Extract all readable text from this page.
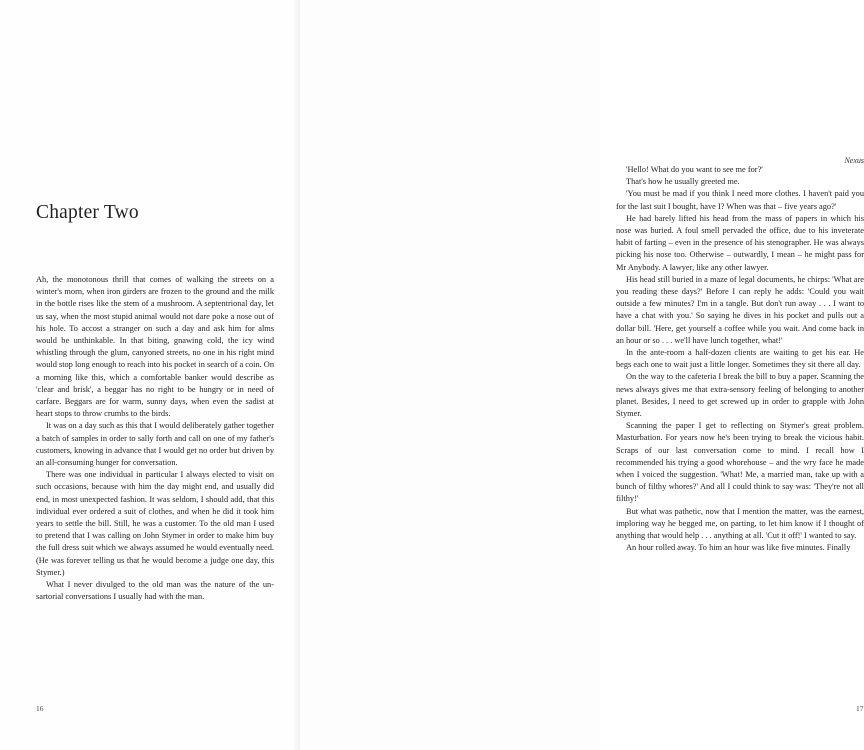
Chapter Two

Ah, the monotonous thrill that comes of walking the streets on a winter's morn, when iron girders are frozen to the ground and the milk in the bottle rises like the stem of a mushroom. A septentrional day, let us say, when the most stupid animal would not dare poke a nose out of his hole. To accost a stranger on such a day and ask him for alms would be unthinkable. In that biting, gnawing cold, the icy wind whistling through the glum, canyoned streets, no one in his right mind would stop long enough to reach into his pocket in search of a coin. On a morning like this, which a comfortable banker would describe as 'clear and brisk', a beggar has no right to be hungry or in need of carfare. Beggars are for warm, sunny days, when even the sadist at heart stops to throw crumbs to the birds.

It was on a day such as this that I would deliberately gather together a batch of samples in order to sally forth and call on one of my father's customers, knowing in advance that I would get no order but driven by an all-consuming hunger for conversation.

There was one individual in particular I always elected to visit on such occasions, because with him the day might end, and usually did end, in most unexpected fashion. It was seldom, I should add, that this individual ever ordered a suit of clothes, and when he did it took him years to settle the bill. Still, he was a customer. To the old man I used to pretend that I was calling on John Stymer in order to make him buy the full dress suit which we always assumed he would eventually need. (He was forever telling us that he would become a judge one day, this Stymer.)

What I never divulged to the old man was the nature of the un-sartorial conversations I usually had with the man.

16
Nexus

'Hello! What do you want to see me for?'

That's how he usually greeted me.

'You must be mad if you think I need more clothes. I haven't paid you for the last suit I bought, have I? When was that – five years ago?'

He had barely lifted his head from the mass of papers in which his nose was buried. A foul smell pervaded the office, due to his inveterate habit of farting – even in the presence of his stenographer. He was always picking his nose too. Otherwise – outwardly, I mean – he might pass for Mr Anybody. A lawyer, like any other lawyer.

His head still buried in a maze of legal documents, he chirps: 'What are you reading these days?' Before I can reply he adds: 'Could you wait outside a few minutes? I'm in a tangle. But don't run away . . . I want to have a chat with you.' So saying he dives in his pocket and pulls out a dollar bill. 'Here, get yourself a coffee while you wait. And come back in an hour or so . . . we'll have lunch together, what!'

In the ante-room a half-dozen clients are waiting to get his ear. He begs each one to wait just a little longer. Sometimes they sit there all day.

On the way to the cafeteria I break the bill to buy a paper. Scanning the news always gives me that extra-sensory feeling of belonging to another planet. Besides, I need to get screwed up in order to grapple with John Stymer.

Scanning the paper I get to reflecting on Stymer's great problem. Masturbation. For years now he's been trying to break the vicious habit. Scraps of our last conversation come to mind. I recall how I recommended his trying a good whorehouse – and the wry face he made when I voiced the suggestion. 'What! Me, a married man, take up with a bunch of filthy whores?' And all I could think to say was: 'They're not all filthy!'

But what was pathetic, now that I mention the matter, was the earnest, imploring way he begged me, on parting, to let him know if I thought of anything that would help . . . anything at all. 'Cut it off!' I wanted to say.

An hour rolled away. To him an hour was like five minutes. Finally

17
